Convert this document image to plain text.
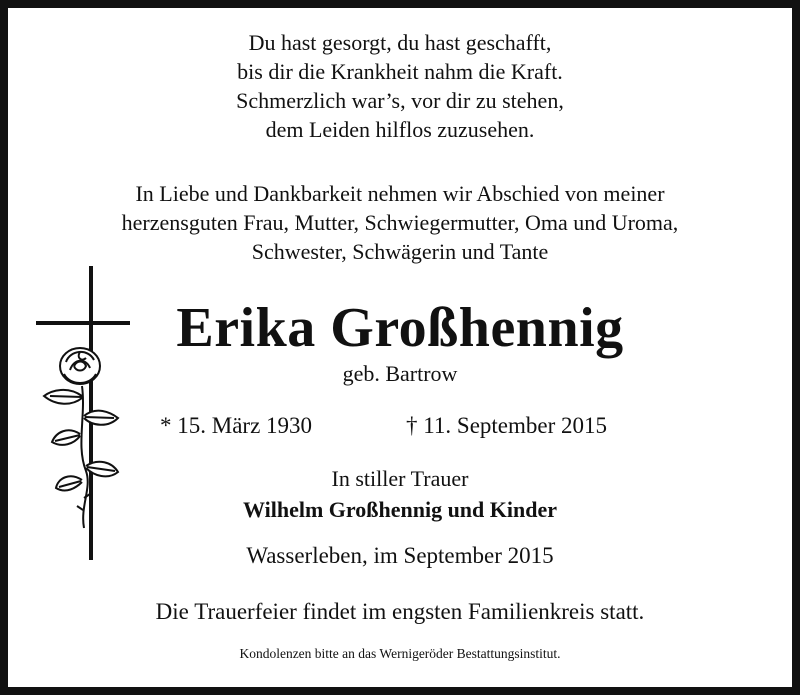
Du hast gesorgt, du hast geschafft,
bis dir die Krankheit nahm die Kraft.
Schmerzlich war’s, vor dir zu stehen,
dem Leiden hilflos zuzusehen.
In Liebe und Dankbarkeit nehmen wir Abschied von meiner
herzensguten Frau, Mutter, Schwiegermutter, Oma und Uroma,
Schwester, Schwägerin und Tante
Erika Großhennig
geb. Bartrow
* 15. März 1930	† 11. September 2015
In stiller Trauer
Wilhelm Großhennig und Kinder
Wasserleben, im September 2015
Die Trauerfeier findet im engsten Familienkreis statt.
Kondolenzen bitte an das Wernigeröder Bestattungsinstitut.
